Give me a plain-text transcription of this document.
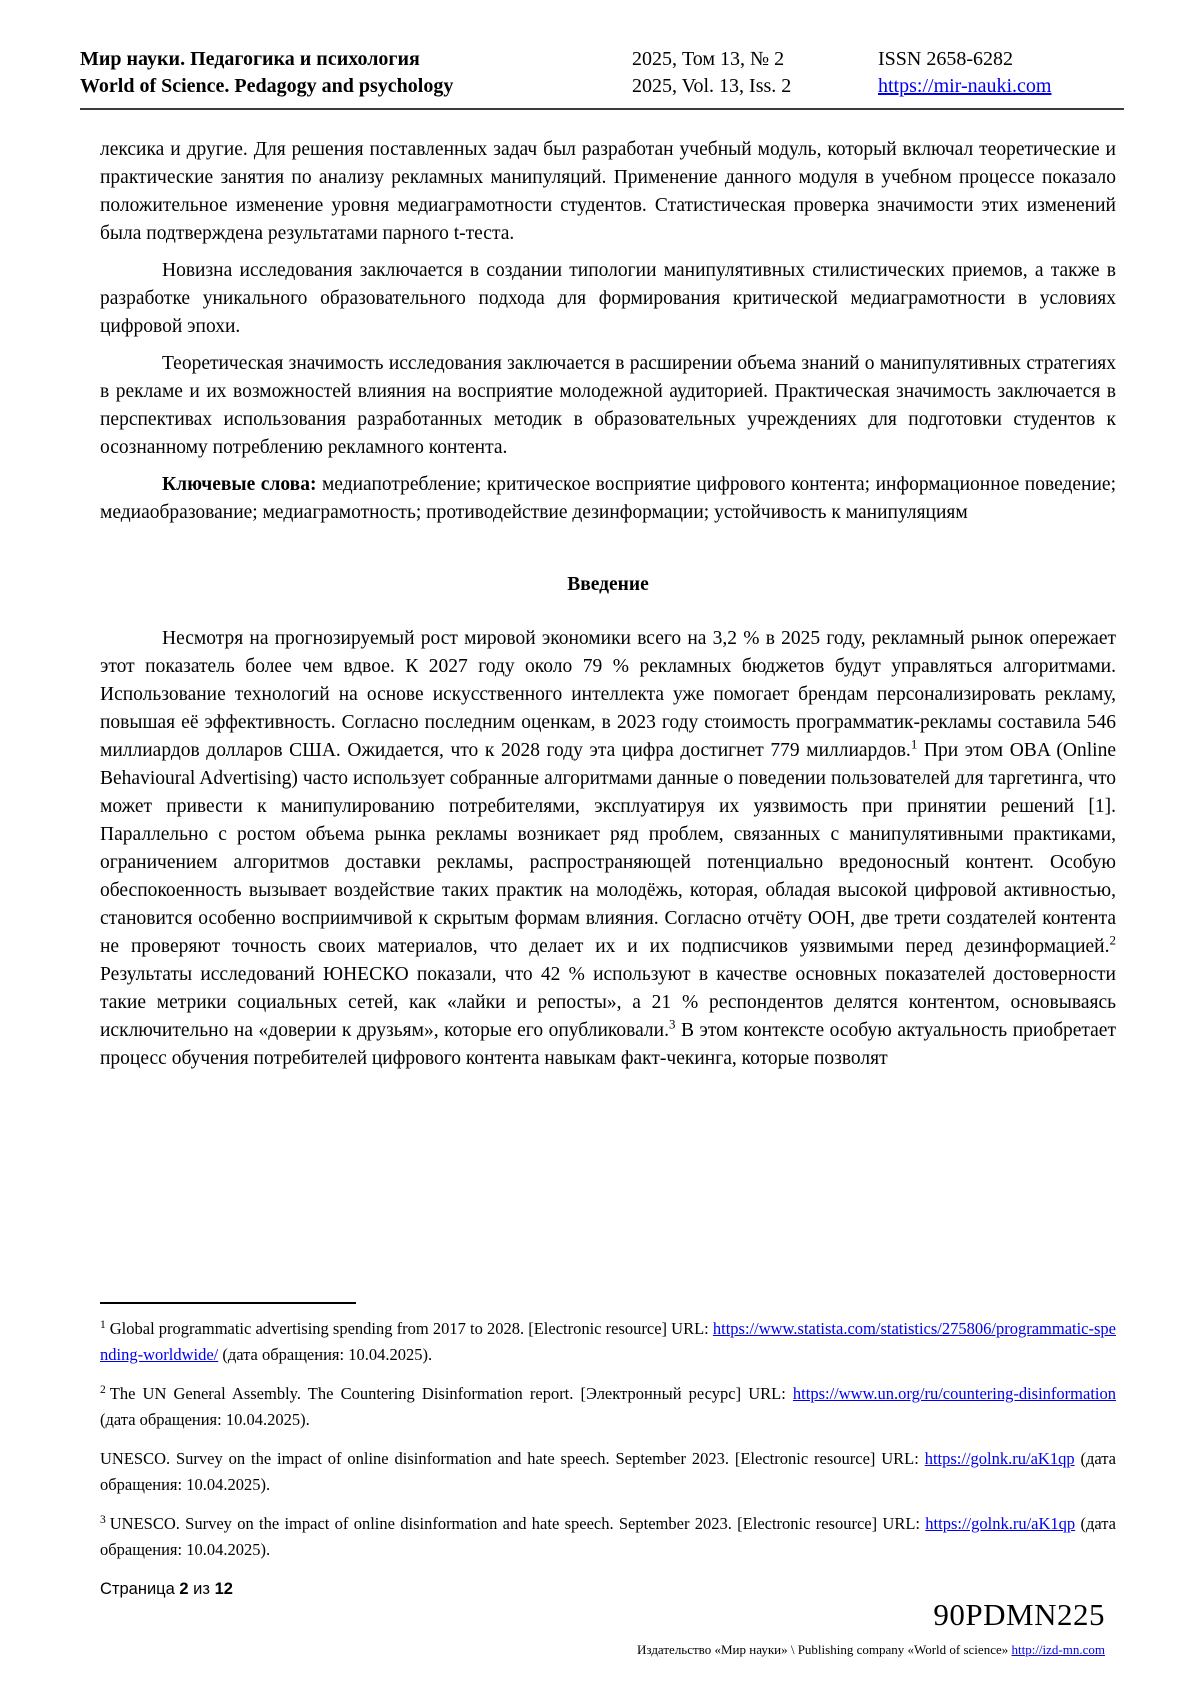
Мир науки. Педагогика и психология
World of Science. Pedagogy and psychology
2025, Том 13, № 2
2025, Vol. 13, Iss. 2
ISSN 2658-6282
https://mir-nauki.com

лексика и другие. Для решения поставленных задач был разработан учебный модуль, который включал теоретические и практические занятия по анализу рекламных манипуляций. Применение данного модуля в учебном процессе показало положительное изменение уровня медиаграмотности студентов. Статистическая проверка значимости этих изменений была подтверждена результатами парного t-теста.

Новизна исследования заключается в создании типологии манипулятивных стилистических приемов, а также в разработке уникального образовательного подхода для формирования критической медиаграмотности в условиях цифровой эпохи.

Теоретическая значимость исследования заключается в расширении объема знаний о манипулятивных стратегиях в рекламе и их возможностей влияния на восприятие молодежной аудиторией. Практическая значимость заключается в перспективах использования разработанных методик в образовательных учреждениях для подготовки студентов к осознанному потреблению рекламного контента.

Ключевые слова: медиапотребление; критическое восприятие цифрового контента; информационное поведение; медиаобразование; медиаграмотность; противодействие дезинформации; устойчивость к манипуляциям

Введение

Несмотря на прогнозируемый рост мировой экономики всего на 3,2 % в 2025 году, рекламный рынок опережает этот показатель более чем вдвое. К 2027 году около 79 % рекламных бюджетов будут управляться алгоритмами. Использование технологий на основе искусственного интеллекта уже помогает брендам персонализировать рекламу, повышая её эффективность. Согласно последним оценкам, в 2023 году стоимость программатик-рекламы составила 546 миллиардов долларов США. Ожидается, что к 2028 году эта цифра достигнет 779 миллиардов.$^1$ При этом OBA (Online Behavioural Advertising) часто использует собранные алгоритмами данные о поведении пользователей для таргетинга, что может привести к манипулированию потребителями, эксплуатируя их уязвимость при принятии решений [1]. Параллельно с ростом объема рынка рекламы возникает ряд проблем, связанных с манипулятивными практиками, ограничением алгоритмов доставки рекламы, распространяющей потенциально вредоносный контент. Особую обеспокоенность вызывает воздействие таких практик на молодёжь, которая, обладая высокой цифровой активностью, становится особенно восприимчивой к скрытым формам влияния. Согласно отчёту ООН, две трети создателей контента не проверяют точность своих материалов, что делает их и их подписчиков уязвимыми перед дезинформацией.$^2$ Результаты исследований ЮНЕСКО показали, что 42 % используют в качестве основных показателей достоверности такие метрики социальных сетей, как «лайки и репосты», а 21 % респондентов делятся контентом, основываясь исключительно на «доверии к друзьям», которые его опубликовали.$^3$ В этом контексте особую актуальность приобретает процесс обучения потребителей цифрового контента навыкам факт-чекинга, которые позволят

$^1$ Global programmatic advertising spending from 2017 to 2028. [Electronic resource] URL: https://www.statista.com/statistics/275806/programmatic-spending-worldwide/ (дата обращения: 10.04.2025).

$^2$ The UN General Assembly. The Countering Disinformation report. [Электронный ресурс] URL: https://www.un.org/ru/countering-disinformation (дата обращения: 10.04.2025).

UNESCO. Survey on the impact of online disinformation and hate speech. September 2023. [Electronic resource] URL: https://golnk.ru/aK1qp (дата обращения: 10.04.2025).

$^3$ UNESCO. Survey on the impact of online disinformation and hate speech. September 2023. [Electronic resource] URL: https://golnk.ru/aK1qp (дата обращения: 10.04.2025).

Страница 2 из 12
90PDMN225
Издательство «Мир науки» \ Publishing company «World of science» http://izd-mn.com
